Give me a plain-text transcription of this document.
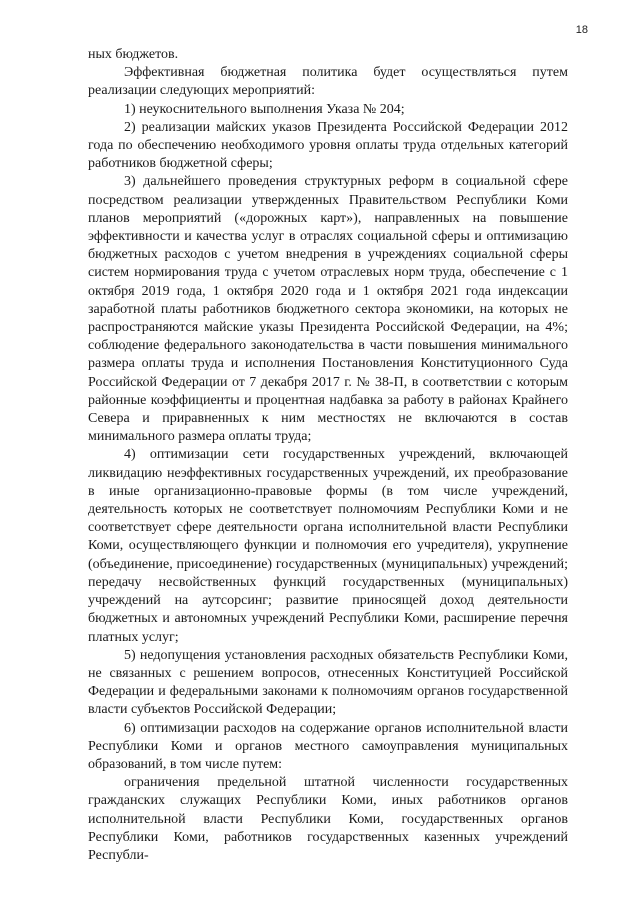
18

ных бюджетов.

Эффективная бюджетная политика будет осуществляться путем реализации следующих мероприятий:

1) неукоснительного выполнения Указа № 204;

2) реализации майских указов Президента Российской Федерации 2012 года по обеспечению необходимого уровня оплаты труда отдельных категорий работников бюджетной сферы;

3) дальнейшего проведения структурных реформ в социальной сфере посредством реализации утвержденных Правительством Республики Коми планов мероприятий («дорожных карт»), направленных на повышение эффективности и качества услуг в отраслях социальной сферы и оптимизацию бюджетных расходов с учетом внедрения в учреждениях социальной сферы систем нормирования труда с учетом отраслевых норм труда, обеспечение с 1 октября 2019 года, 1 октября 2020 года и 1 октября 2021 года индексации заработной платы работников бюджетного сектора экономики, на которых не распространяются майские указы Президента Российской Федерации, на 4%; соблюдение федерального законодательства в части повышения минимального размера оплаты труда и исполнения Постановления Конституционного Суда Российской Федерации от 7 декабря 2017 г. № 38-П, в соответствии с которым районные коэффициенты и процентная надбавка за работу в районах Крайнего Севера и приравненных к ним местностях не включаются в состав минимального размера оплаты труда;

4) оптимизации сети государственных учреждений, включающей ликвидацию неэффективных государственных учреждений, их преобразование в иные организационно-правовые формы (в том числе учреждений, деятельность которых не соответствует полномочиям Республики Коми и не соответствует сфере деятельности органа исполнительной власти Республики Коми, осуществляющего функции и полномочия его учредителя), укрупнение (объединение, присоединение) государственных (муниципальных) учреждений; передачу несвойственных функций государственных (муниципальных) учреждений на аутсорсинг; развитие приносящей доход деятельности бюджетных и автономных учреждений Республики Коми, расширение перечня платных услуг;

5) недопущения установления расходных обязательств Республики Коми, не связанных с решением вопросов, отнесенных Конституцией Российской Федерации и федеральными законами к полномочиям органов государственной власти субъектов Российской Федерации;

6) оптимизации расходов на содержание органов исполнительной власти Республики Коми и органов местного самоуправления муниципальных образований, в том числе путем:

ограничения предельной штатной численности государственных гражданских служащих Республики Коми, иных работников органов исполнительной власти Республики Коми, государственных органов Республики Коми, работников государственных казенных учреждений Республи-
